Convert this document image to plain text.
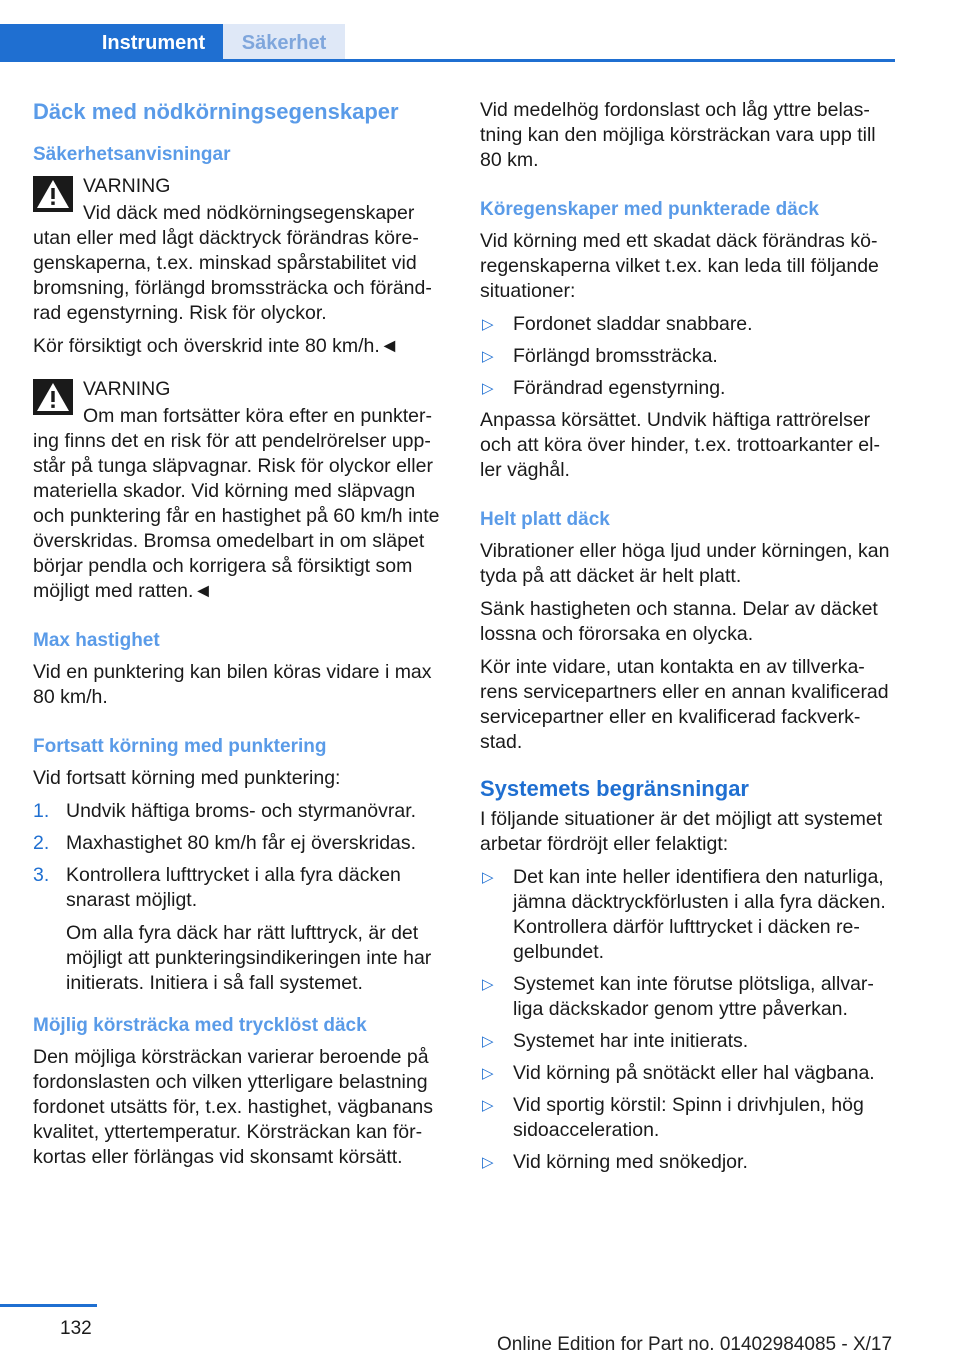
Instrument	Säkerhet
Däck med nödkörningsegenskaper
Säkerhetsanvisningar

VARNING

Vid däck med nödkörningsegenskaper utan eller med lågt däcktryck förändras köregenskaperna, t.ex. minskad spårstabilitet vid bromsning, förlängd bromssträcka och förändrad egenstyrning. Risk för olyckor.

Kör försiktigt och överskrid inte 80 km/h.◄

VARNING

Om man fortsätter köra efter en punktering finns det en risk för att pendelrörelser uppstår på tunga släpvagnar. Risk för olyckor eller materiella skador. Vid körning med släpvagn och punktering får en hastighet på 60 km/h inte överskridas. Bromsa omedelbart in om släpet börjar pendla och korrigera så försiktigt som möjligt med ratten.◄

Max hastighet

Vid en punktering kan bilen köras vidare i max 80 km/h.

Fortsatt körning med punktering

Vid fortsatt körning med punktering:

1. Undvik häftiga broms- och styrmanövrar.
2. Maxhastighet 80 km/h får ej överskridas.
3. Kontrollera lufttrycket i alla fyra däcken snarast möjligt.
Om alla fyra däck har rätt lufttryck, är det möjligt att punkteringsindikeringen inte har initierats. Initiera i så fall systemet.
Möjlig körsträcka med trycklöst däck

Den möjliga körsträckan varierar beroende på fordonslasten och vilken ytterligare belastning fordonet utsätts för, t.ex. hastighet, vägbanans kvalitet, yttertemperatur. Körsträckan kan förkortas eller förlängas vid skonsamt körsätt.

Vid medelhög fordonslast och låg yttre belastning kan den möjliga körsträckan vara upp till 80 km.

Köregenskaper med punkterade däck

Vid körning med ett skadat däck förändras köregenskaperna vilket t.ex. kan leda till följande situationer:

▷ Fordonet sladdar snabbare.
▷ Förlängd bromssträcka.
▷ Förändrad egenstyrning.

Anpassa körsättet. Undvik häftiga rattrörelser och att köra över hinder, t.ex. trottoarkanter eller väghål.

Helt platt däck

Vibrationer eller höga ljud under körningen, kan tyda på att däcket är helt platt.

Sänk hastigheten och stanna. Delar av däcket lossna och förorsaka en olycka.

Kör inte vidare, utan kontakta en av tillverkarens servicepartners eller en annan kvalificerad servicepartner eller en kvalificerad fackverkstad.

Systemets begränsningar

I följande situationer är det möjligt att systemet arbetar fördröjt eller felaktigt:

▷ Det kan inte heller identifiera den naturliga, jämna däcktryckförlusten i alla fyra däcken. Kontrollera därför lufttrycket i däcken regelbundet.
▷ Systemet kan inte förutse plötsliga, allvarliga däckskador genom yttre påverkan.
▷ Systemet har inte initierats.
▷ Vid körning på snötäckt eller hal vägbana.
▷ Vid sportig körstil: Spinn i drivhjulen, hög sidoacceleration.
▷ Vid körning med snökedjor.
132
Online Edition for Part no. 01402984085 - X/17
